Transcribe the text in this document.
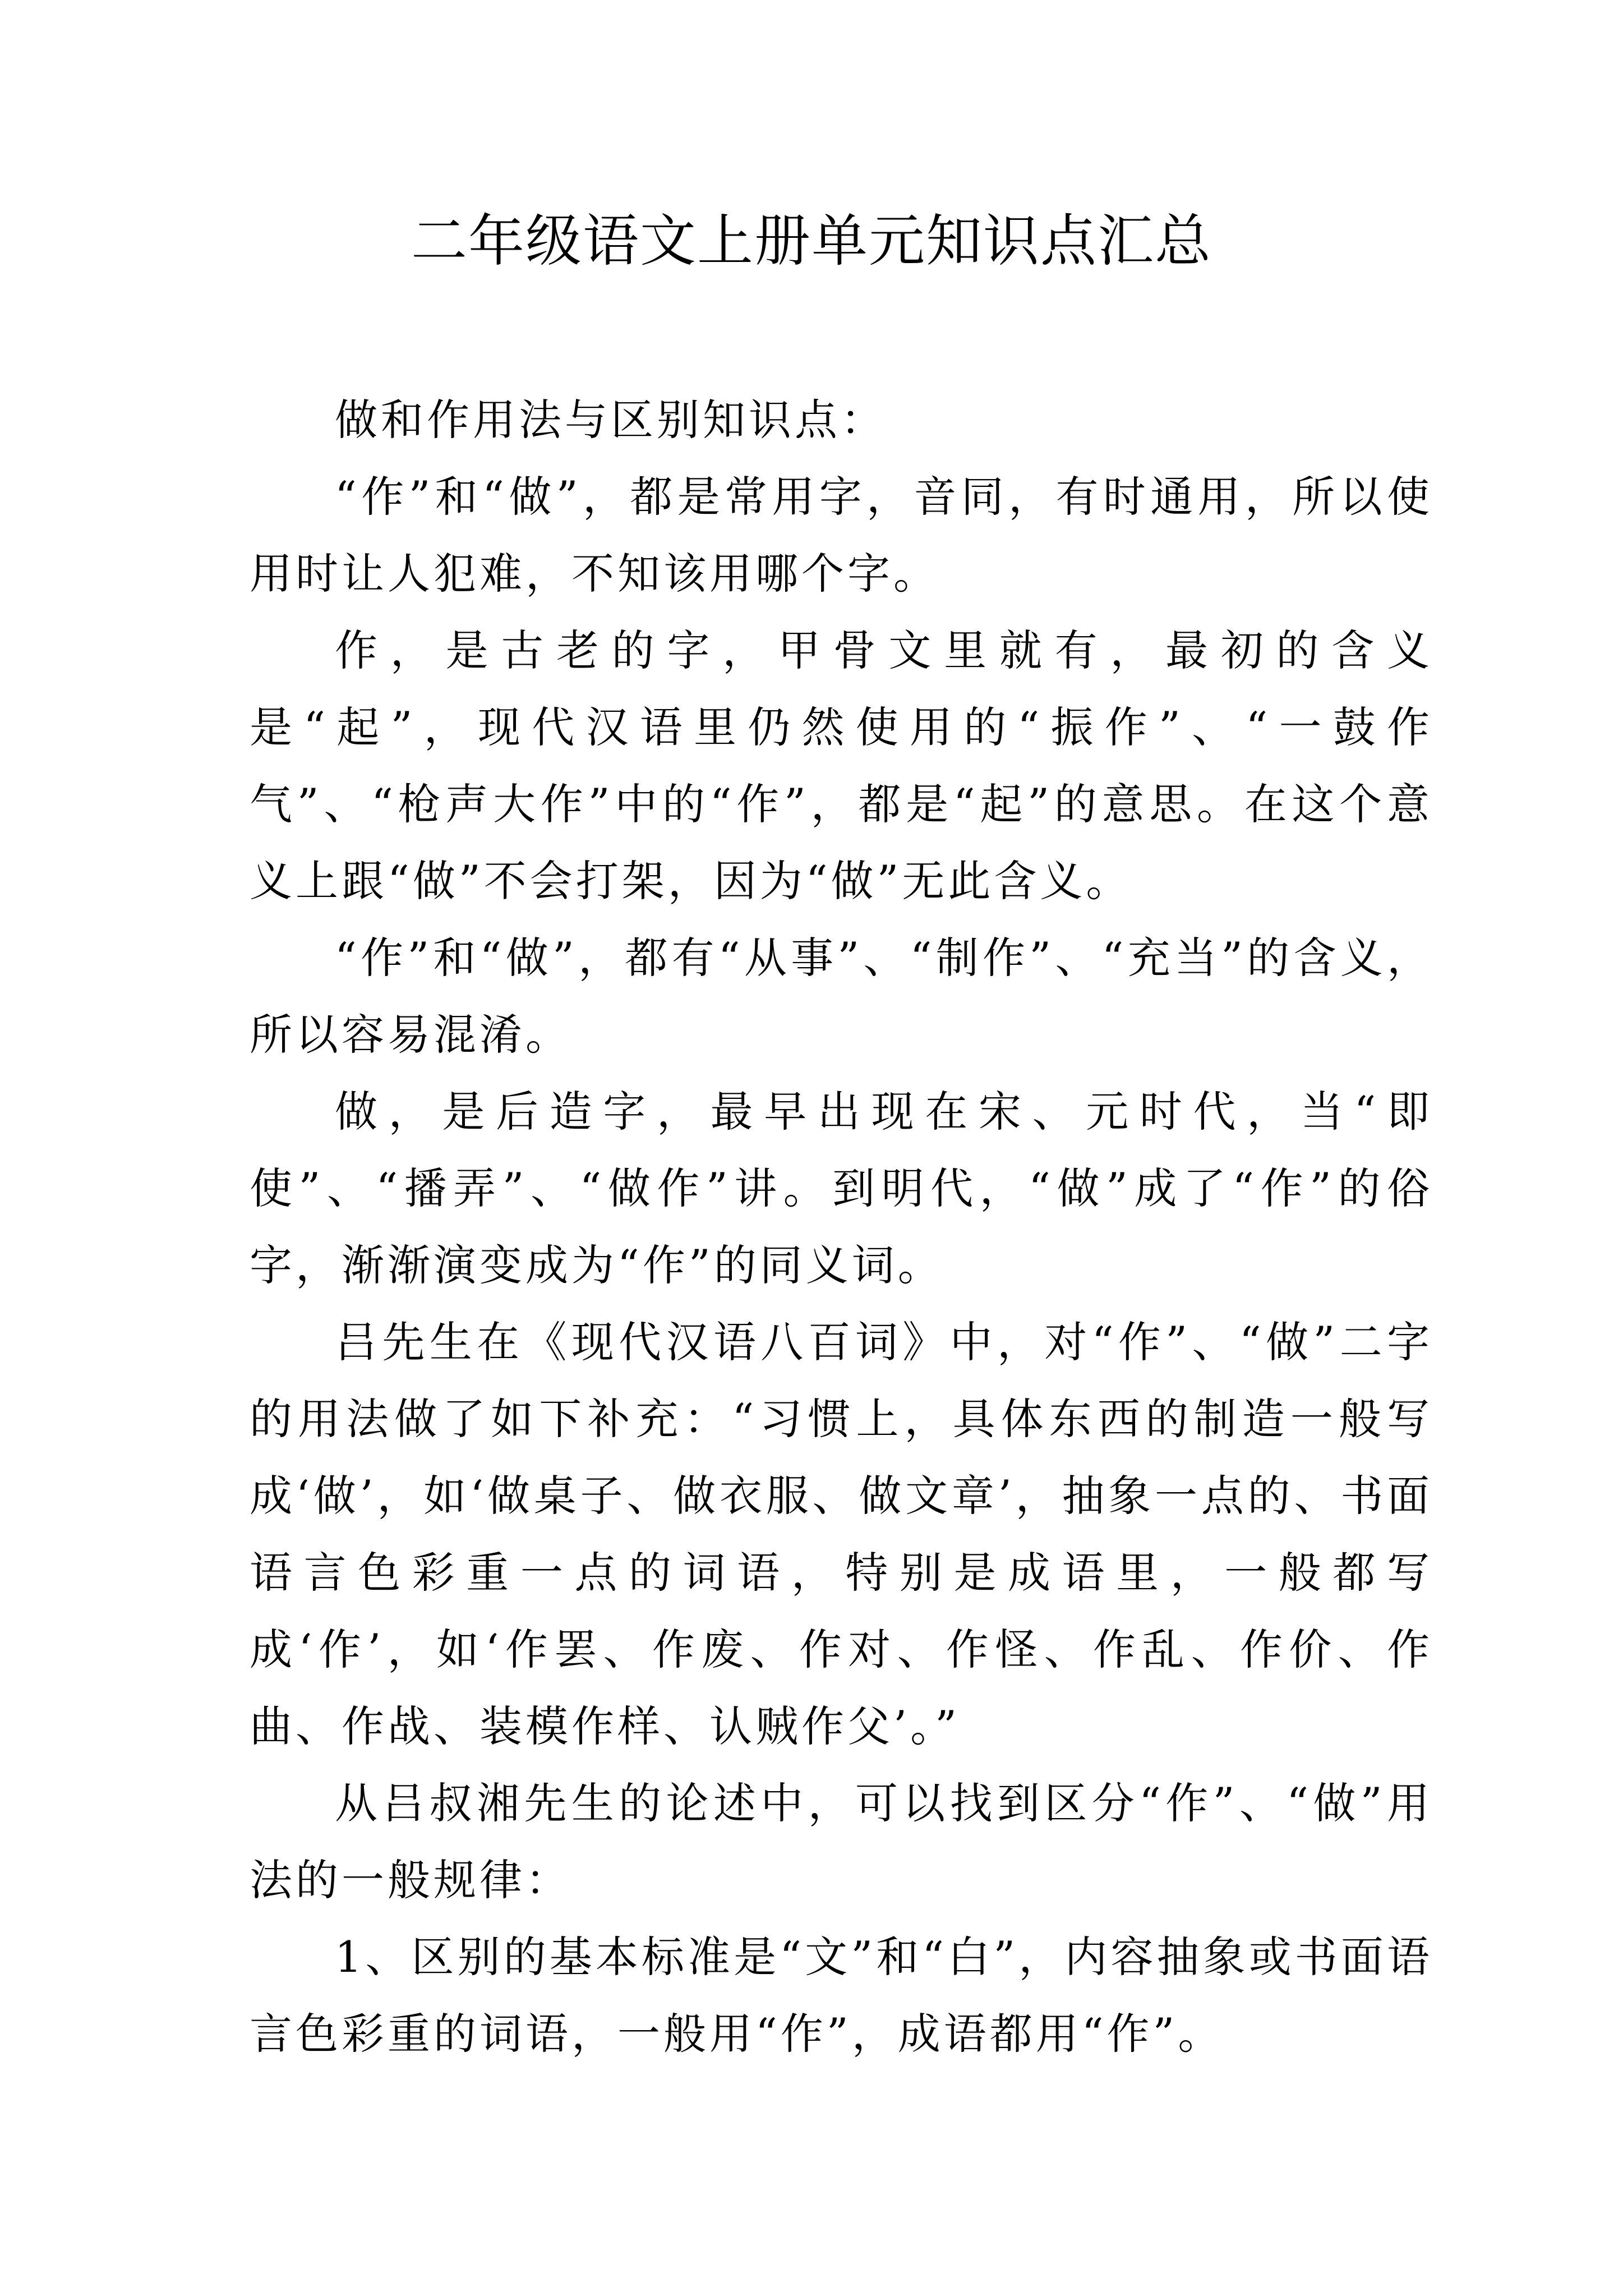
二年级语文上册单元知识点汇总

做和作用法与区别知识点：

“作”和“做”，都是常用字，音同，有时通用，所以使用时让人犯难，不知该用哪个字。

作，是古老的字，甲骨文里就有，最初的含义是“起”，现代汉语里仍然使用的“振作”、“一鼓作气”、“枪声大作”中的“作”，都是“起”的意思。在这个意义上跟“做”不会打架，因为“做”无此含义。

“作”和“做”，都有“从事”、“制作”、“充当”的含义，所以容易混淆。

做，是后造字，最早出现在宋、元时代，当“即使”、“播弄”、“做作”讲。到明代，“做”成了“作”的俗字，渐渐演变成为“作”的同义词。

吕先生在《现代汉语八百词》中，对“作”、“做”二字的用法做了如下补充：“习惯上，具体东西的制造一般写成‘做’，如‘做桌子、做衣服、做文章’，抽象一点的、书面语言色彩重一点的词语，特别是成语里，一般都写成‘作’，如‘作罢、作废、作对、作怪、作乱、作价、作曲、作战、装模作样、认贼作父’。”

从吕叔湘先生的论述中，可以找到区分“作”、“做”用法的一般规律：

1、区别的基本标准是“文”和“白”，内容抽象或书面语言色彩重的词语，一般用“作”，成语都用“作”。
